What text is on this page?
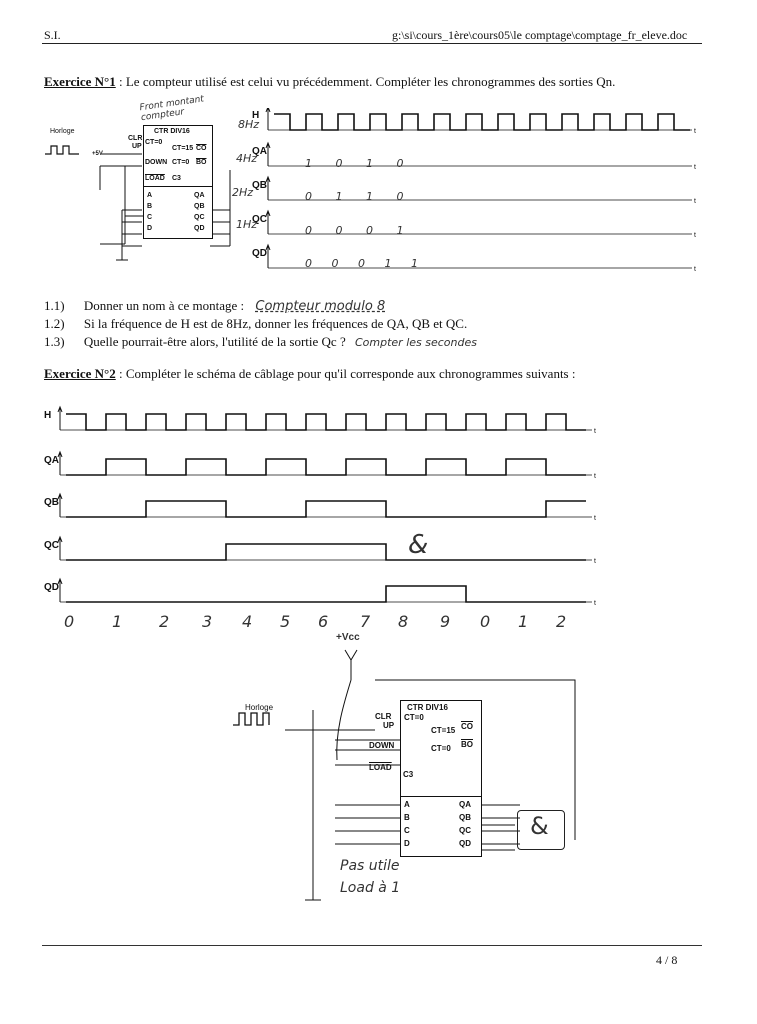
S.I.	g:\si\cours_1ère\cours05\le comptage\comptage_fr_eleve.doc
Exercice N°1 : Le compteur utilisé est celui vu précédemment. Compléter les chronogrammes des sorties Qn.
Front montant compteur
Horloge
+5V
CTR DIV16
CT=0
CLR
UP
DOWN
LOAD C3
CT=15 $\overline{CO}$
CT=0 $\overline{BO}$
A
B
C
D
QA
QB
QC
QD
t
H
t
QA
t
QB
t
QC
t
QD
8Hz
4Hz
2Hz
1Hz
1 0 1 0
0 1 1 0
0 0 0 1
0 0 0 1 1
1.1) Donner un nom à ce montage : Compteur modulo 8
1.2) Si la fréquence de H est de 8Hz, donner les fréquences de QA, QB et QC.
1.3) Quelle pourrait-être alors, l'utilité de la sortie Qc ? Compter les secondes
Exercice N°2 : Compléter le schéma de câblage pour qu'il corresponde aux chronogrammes suivants :
t
H
t
QA
t
QB
t
QC
t
QD
&
0 1 2 3 4 5 6 7 8 9 0 1 2
+Vcc
Horloge	CTR DIV16
CT=0
CLR
UP
DOWN
LOAD
C3
CT=15 $\overline{CO}$
CT=0 $\overline{BO}$
A
B
C
D
QA
QB
QC
QD
&
Pas utile
Load à 1
4 / 8
